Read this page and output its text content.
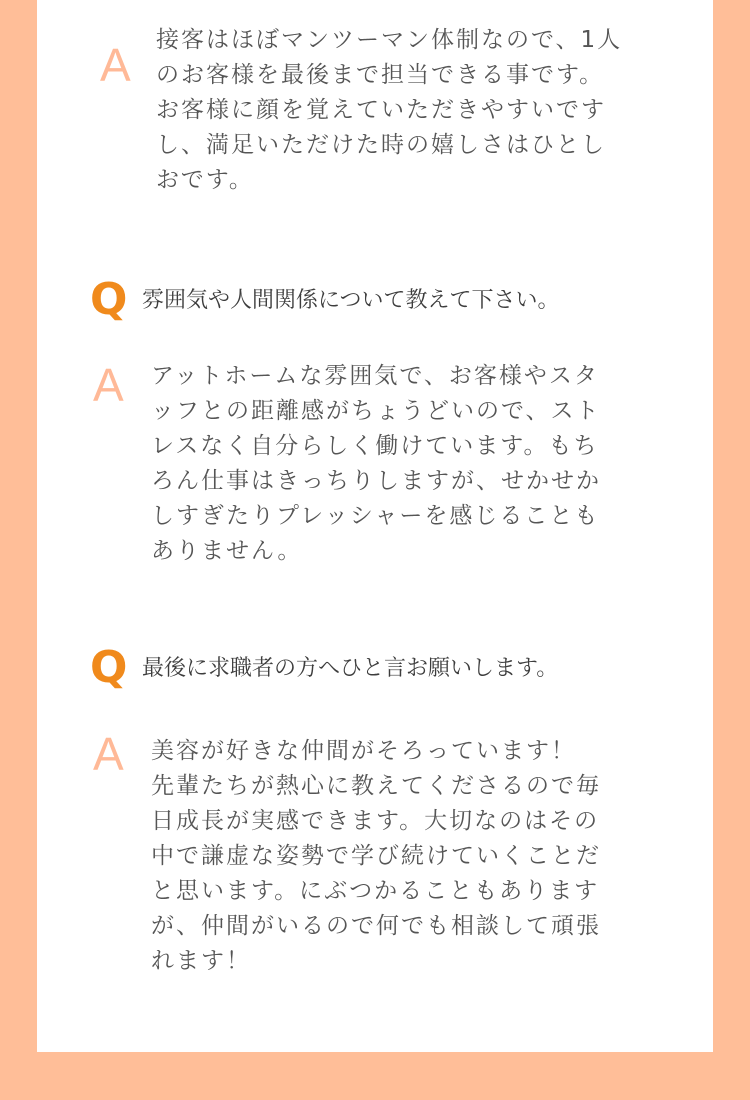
A 接客はほぼマンツーマン体制なので、1人
のお客様を最後まで担当できる事です。
お客様に顔を覚えていただきやすいです
し、満足いただけた時の嬉しさはひとし
おです。
Q 雰囲気や人間関係について教えて下さい。
A アットホームな雰囲気で、お客様やスタ
ッフとの距離感がちょうどいので、スト
レスなく自分らしく働けています。もち
ろん仕事はきっちりしますが、せかせか
しすぎたりプレッシャーを感じることも
ありません。
Q 最後に求職者の方へひと言お願いします。
A 美容が好きな仲間がそろっています！
先輩たちが熱心に教えてくださるので毎
日成長が実感できます。大切なのはその
中で謙虚な姿勢で学び続けていくことだ
と思います。にぶつかることもあります
が、仲間がいるので何でも相談して頑張
れます！
